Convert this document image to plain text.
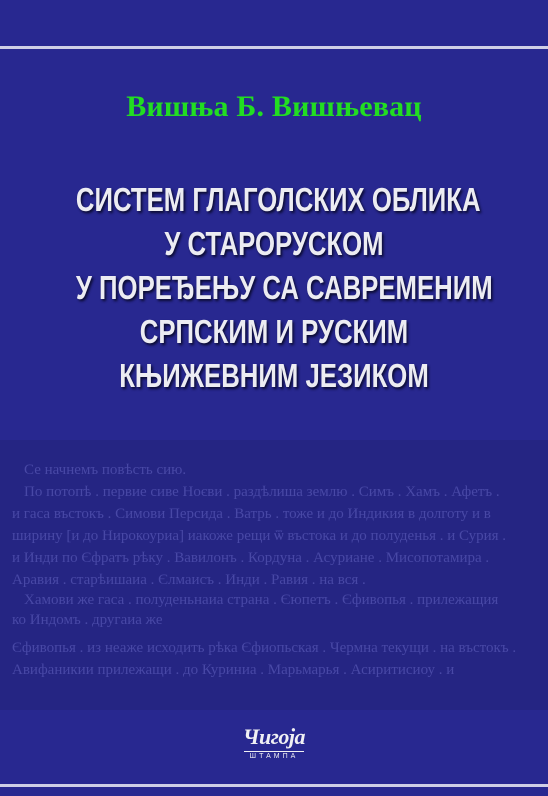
Вишња Б. Вишњевац
СИСТЕМ ГЛАГОЛСКИХ ОБЛИКА
У СТАРОРУСКОМ
У ПОРЕЂЕЊУ СА САВРЕМЕНИМ
СРПСКИМ И РУСКИМ
КЊИЖЕВНИМ ЈЕЗИКОМ
Се начнемъ повѣсть сию.
По потопѣ . первие сиве Ноєви . раздѣлиша землю . Симъ . Хамъ . Афетъ .
и гаса въстокъ . Симови Персида . Ватрь . тоже и до Индикия в долготу и в
ширину [и до Нирокоуриа] иакоже рещи ѿ въстока и до полуденья . и Сурия .
и Инди по Єфратъ рѣку . Вавилонъ . Кордуна . Асуриане . Мисопотамира .
Аравия . старѣишаиа . Єлмаисъ . Инди . Равия . на вся .
Хамови же гаса . полуденьнаиа страна . Єюпетъ . Єфивопья . прилежащия
ко Индомъ . другаиа же
Єфивопья . из неаже исходить рѣка Єфиопьская . Чермна текущи . на въстокъ .
Авифаникии прилежащи . до Куриниа . Марьмарья . Асиритисиоу . и
Чигоја
ШТАМПА
